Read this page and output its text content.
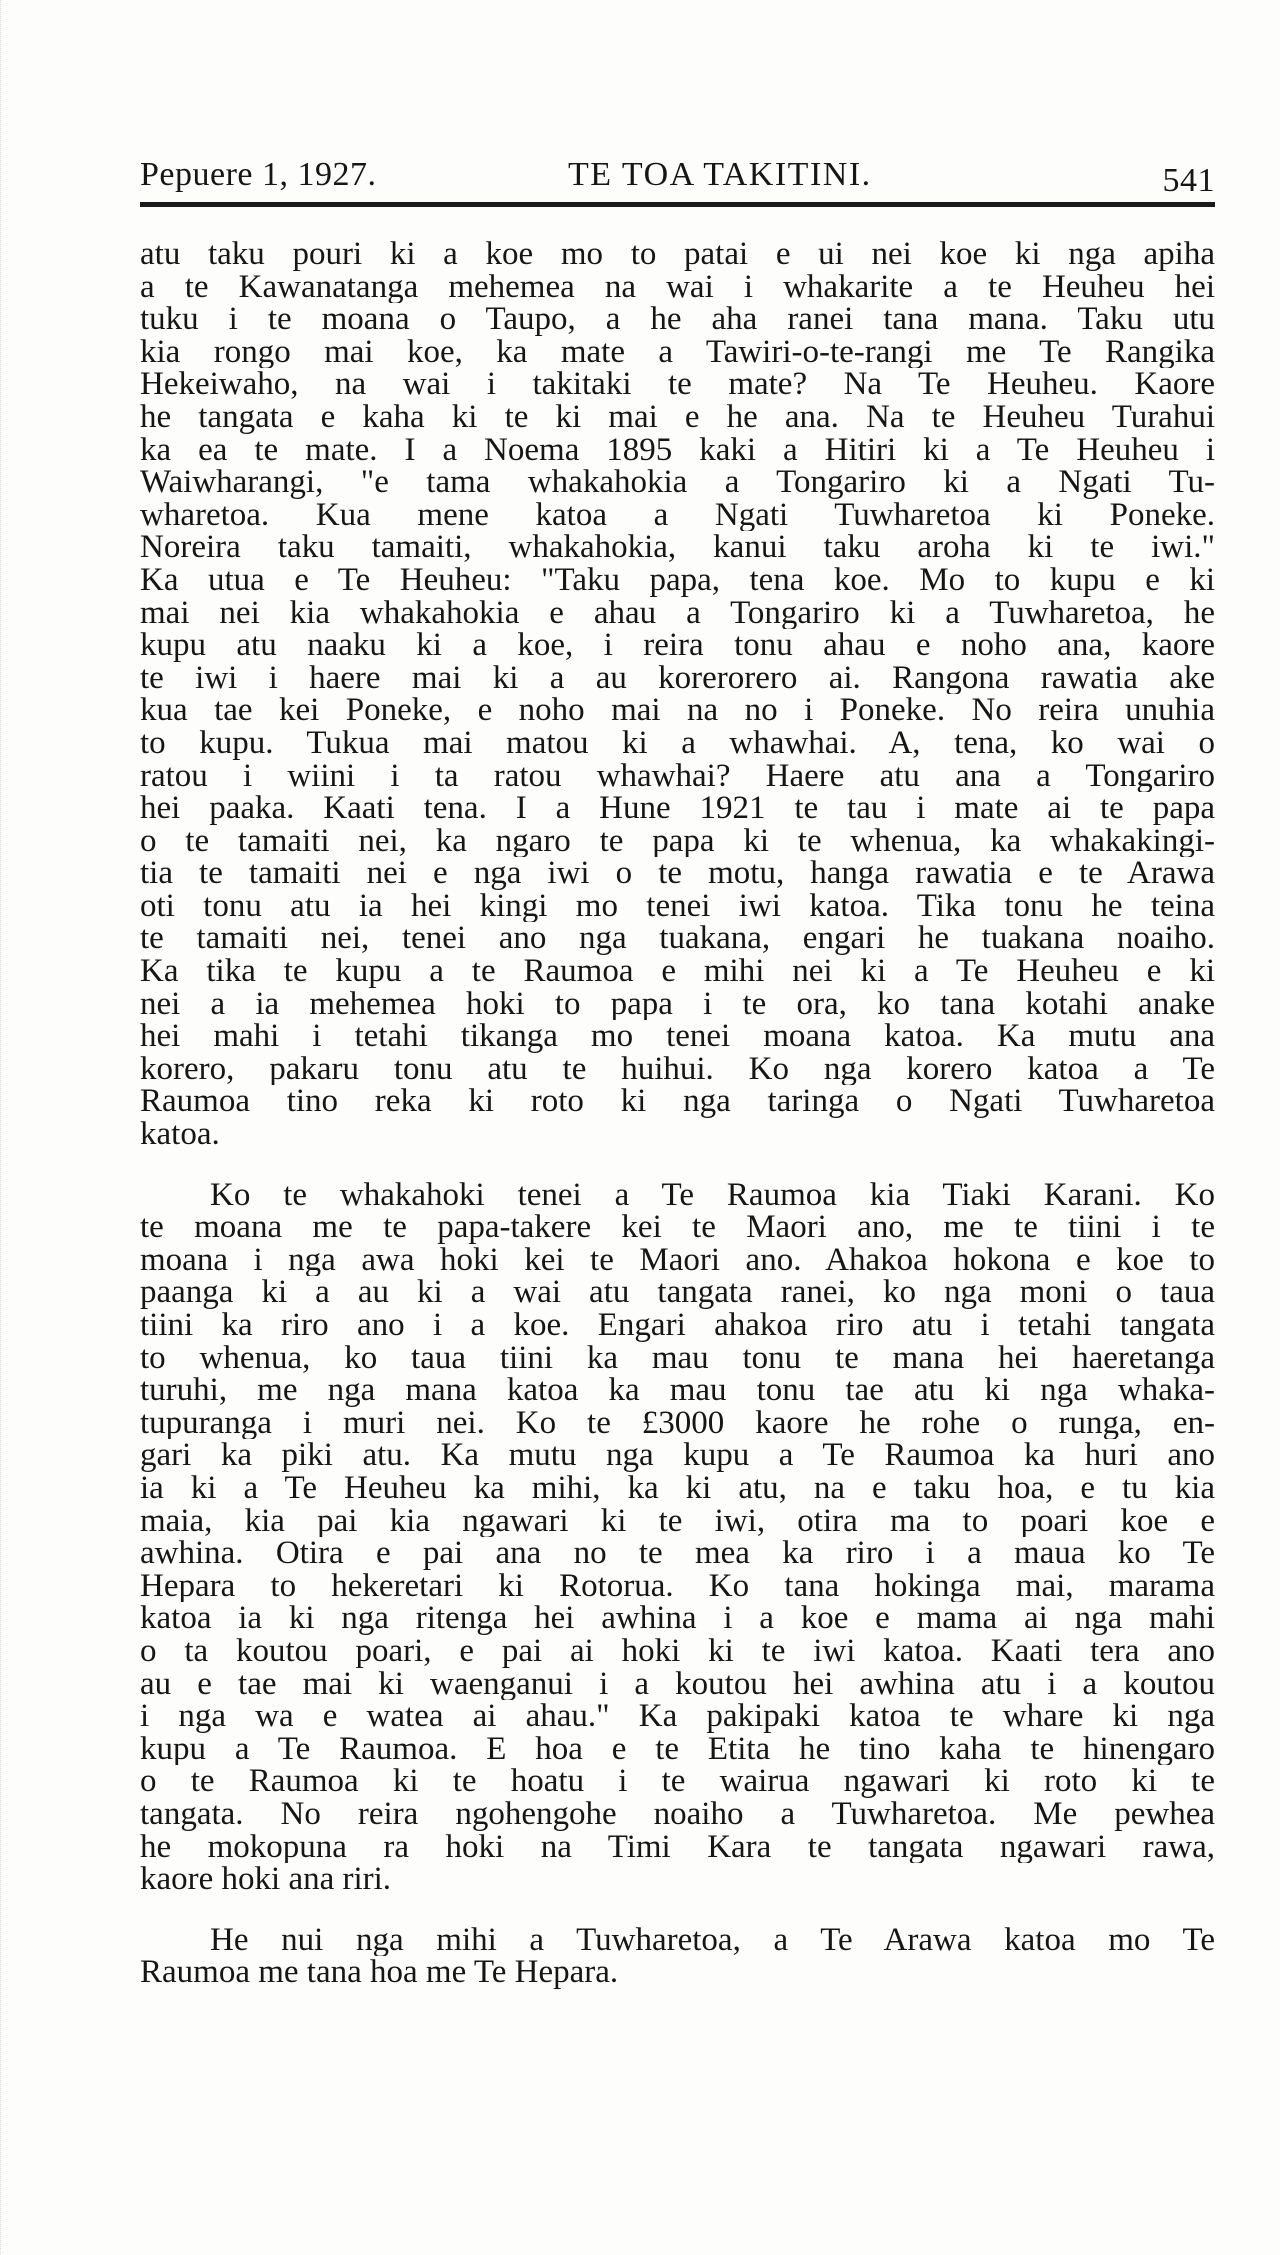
Pepuere 1, 1927.	TE TOA TAKITINI.	541
atu taku pouri ki a koe mo to patai e ui nei koe ki nga apiha
a te Kawanatanga mehemea na wai i whakarite a te Heuheu hei
tuku i te moana o Taupo, a he aha ranei tana mana. Taku utu
kia rongo mai koe, ka mate a Tawiri-o-te-rangi me Te Rangika
Hekeiwaho, na wai i takitaki te mate? Na Te Heuheu. Kaore
he tangata e kaha ki te ki mai e he ana. Na te Heuheu Turahui
ka ea te mate. I a Noema 1895 kaki a Hitiri ki a Te Heuheu i
Waiwharangi, "e tama whakahokia a Tongariro ki a Ngati Tu-
wharetoa. Kua mene katoa a Ngati Tuwharetoa ki Poneke.
Noreira taku tamaiti, whakahokia, kanui taku aroha ki te iwi."
Ka utua e Te Heuheu: "Taku papa, tena koe. Mo to kupu e ki
mai nei kia whakahokia e ahau a Tongariro ki a Tuwharetoa, he
kupu atu naaku ki a koe, i reira tonu ahau e noho ana, kaore
te iwi i haere mai ki a au korerorero ai. Rangona rawatia ake
kua tae kei Poneke, e noho mai na no i Poneke. No reira unuhia
to kupu. Tukua mai matou ki a whawhai. A, tena, ko wai o
ratou i wiini i ta ratou whawhai? Haere atu ana a Tongariro
hei paaka. Kaati tena. I a Hune 1921 te tau i mate ai te papa
o te tamaiti nei, ka ngaro te papa ki te whenua, ka whakakingi-
tia te tamaiti nei e nga iwi o te motu, hanga rawatia e te Arawa
oti tonu atu ia hei kingi mo tenei iwi katoa. Tika tonu he teina
te tamaiti nei, tenei ano nga tuakana, engari he tuakana noaiho.
Ka tika te kupu a te Raumoa e mihi nei ki a Te Heuheu e ki
nei a ia mehemea hoki to papa i te ora, ko tana kotahi anake
hei mahi i tetahi tikanga mo tenei moana katoa. Ka mutu ana
korero, pakaru tonu atu te huihui. Ko nga korero katoa a Te
Raumoa tino reka ki roto ki nga taringa o Ngati Tuwharetoa
katoa.
Ko te whakahoki tenei a Te Raumoa kia Tiaki Karani. Ko
te moana me te papa-takere kei te Maori ano, me te tiini i te
moana i nga awa hoki kei te Maori ano. Ahakoa hokona e koe to
paanga ki a au ki a wai atu tangata ranei, ko nga moni o taua
tiini ka riro ano i a koe. Engari ahakoa riro atu i tetahi tangata
to whenua, ko taua tiini ka mau tonu te mana hei haeretanga
turuhi, me nga mana katoa ka mau tonu tae atu ki nga whaka-
tupuranga i muri nei. Ko te £3000 kaore he rohe o runga, en-
gari ka piki atu. Ka mutu nga kupu a Te Raumoa ka huri ano
ia ki a Te Heuheu ka mihi, ka ki atu, na e taku hoa, e tu kia
maia, kia pai kia ngawari ki te iwi, otira ma to poari koe e
awhina. Otira e pai ana no te mea ka riro i a maua ko Te
Hepara to hekeretari ki Rotorua. Ko tana hokinga mai, marama
katoa ia ki nga ritenga hei awhina i a koe e mama ai nga mahi
o ta koutou poari, e pai ai hoki ki te iwi katoa. Kaati tera ano
au e tae mai ki waenganui i a koutou hei awhina atu i a koutou
i nga wa e watea ai ahau." Ka pakipaki katoa te whare ki nga
kupu a Te Raumoa. E hoa e te Etita he tino kaha te hinengaro
o te Raumoa ki te hoatu i te wairua ngawari ki roto ki te
tangata. No reira ngohengohe noaiho a Tuwharetoa. Me pewhea
he mokopuna ra hoki na Timi Kara te tangata ngawari rawa,
kaore hoki ana riri.
He nui nga mihi a Tuwharetoa, a Te Arawa katoa mo Te
Raumoa me tana hoa me Te Hepara.
